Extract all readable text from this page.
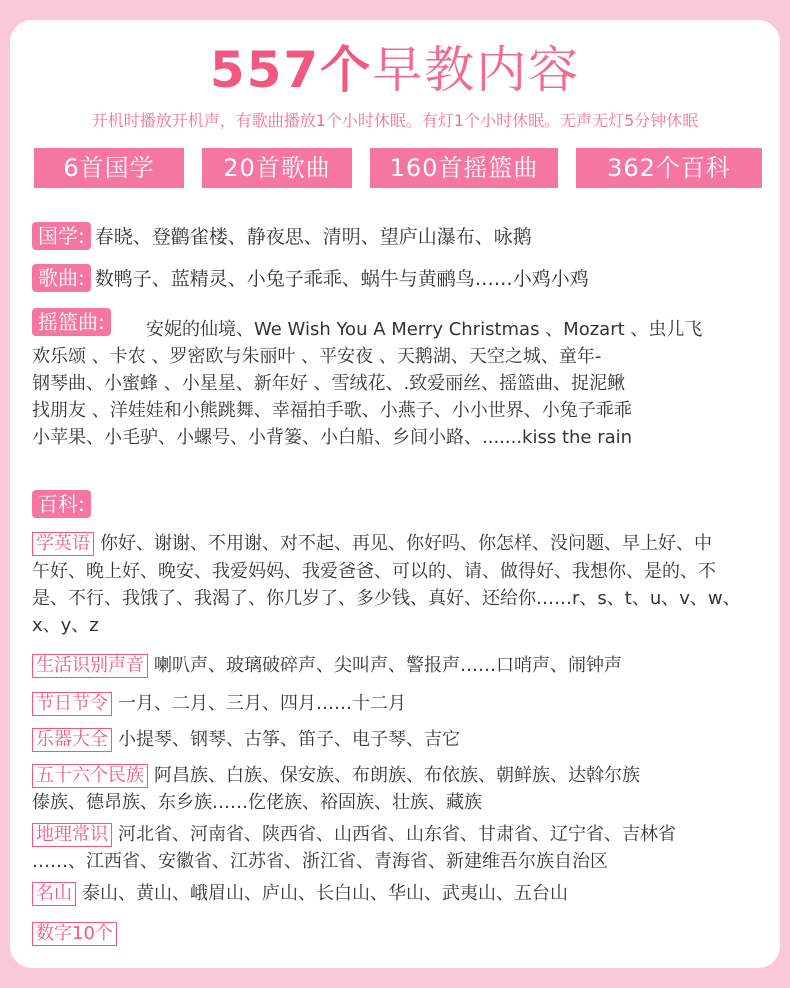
557个早教内容
开机时播放开机声，有歌曲播放1个小时休眠。有灯1个小时休眠。无声无灯5分钟休眠
6首国学	20首歌曲	160首摇篮曲	362个百科
国学: 春晓、登鹳雀楼、静夜思、清明、望庐山瀑布、咏鹅
歌曲: 数鸭子、蓝精灵、小兔子乖乖、蜗牛与黄鹂鸟……小鸡小鸡
摇篮曲:	安妮的仙境、We Wish You A Merry Christmas 、Mozart 、虫儿飞
欢乐颂 、卡农 、罗密欧与朱丽叶 、平安夜 、天鹅湖、天空之城、童年-
钢琴曲、小蜜蜂 、小星星、新年好 、雪绒花、.致爱丽丝、摇篮曲、捉泥鳅
找朋友 、洋娃娃和小熊跳舞、幸福拍手歌、小燕子、小小世界、小兔子乖乖
小苹果、小毛驴、小螺号、小背篓、小白船、乡间小路、.......kiss the rain
百科:
学英语 你好、谢谢、不用谢、对不起、再见、你好吗、你怎样、没问题、早上好、中
午好、晚上好、晚安、我爱妈妈、我爱爸爸、可以的、请、做得好、我想你、是的、不
是、不行、我饿了、我渴了、你几岁了、多少钱、真好、还给你……r、s、t、u、v、w、
x、y、z
生活识别声音 喇叭声、玻璃破碎声、尖叫声、警报声……口哨声、闹钟声
节日节令 一月、二月、三月、四月……十二月
乐器大全 小提琴、钢琴、古筝、笛子、电子琴、吉它
五十六个民族 阿昌族、白族、保安族、布朗族、布依族、朝鲜族、达斡尔族
傣族、德昂族、东乡族……仡佬族、裕固族、壮族、藏族
地理常识 河北省、河南省、陕西省、山西省、山东省、甘肃省、辽宁省、吉林省
……、江西省、安徽省、江苏省、浙江省、青海省、新建维吾尔族自治区
名山 泰山、黄山、峨眉山、庐山、长白山、华山、武夷山、五台山
数字10个
